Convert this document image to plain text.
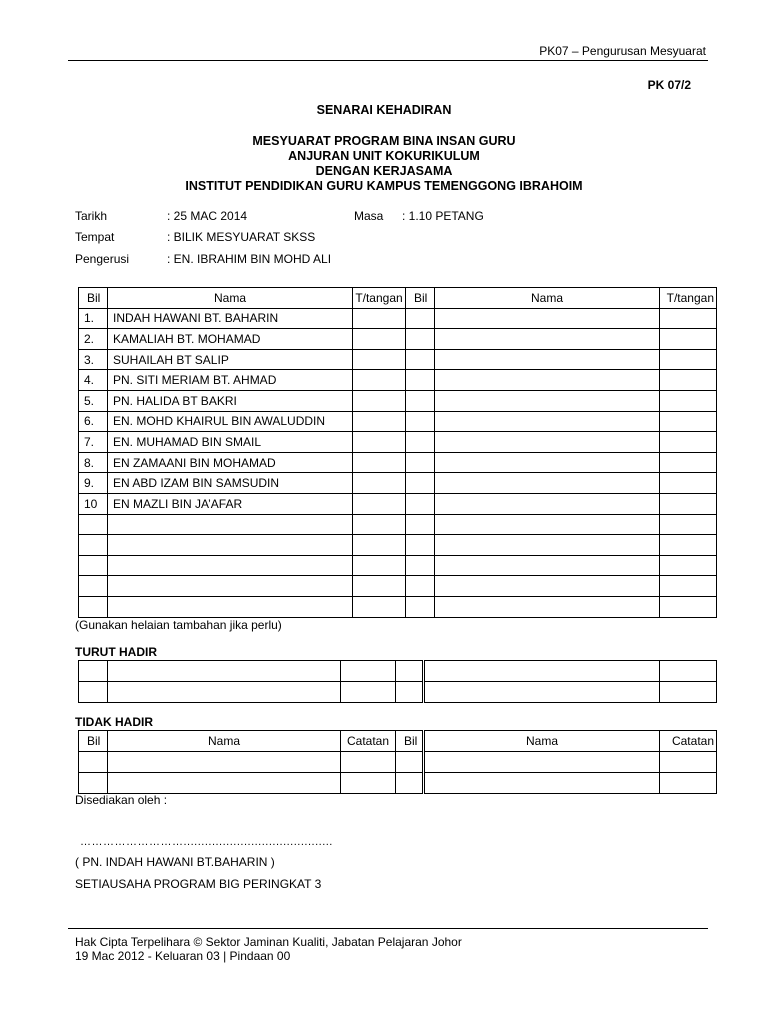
PK07 – Pengurusan Mesyuarat
PK 07/2
SENARAI KEHADIRAN
MESYUARAT PROGRAM BINA INSAN GURU
ANJURAN UNIT KOKURIKULUM
DENGAN KERJASAMA
INSTITUT PENDIDIKAN GURU KAMPUS TEMENGGONG IBRAHOIM
Tarikh	: 25 MAC 2014	Masa : 1.10 PETANG
Tempat	: BILIK MESYUARAT SKSS
Pengerusi	: EN. IBRAHIM BIN MOHD ALI
Bil	Nama	T/tangan	Bil	Nama	T/tangan
1.	INDAH HAWANI BT. BAHARIN				
2.	KAMALIAH BT. MOHAMAD				
3.	SUHAILAH BT SALIP				
4.	PN. SITI MERIAM BT. AHMAD				
5.	PN. HALIDA BT BAKRI				
6.	EN. MOHD KHAIRUL BIN AWALUDDIN				
7.	EN. MUHAMAD BIN SMAIL				
8.	EN ZAMAANI BIN MOHAMAD				
9.	EN ABD IZAM BIN SAMSUDIN				
10	EN MAZLI BIN JA’AFAR				

(Gunakan helaian tambahan jika perlu)
TURUT HADIR

TIDAK HADIR
Bil	Nama	Catatan	Bil	Nama	Catatan

Disediakan oleh :
………………………..........................................
( PN. INDAH HAWANI BT.BAHARIN )
SETIAUSAHA PROGRAM BIG PERINGKAT 3
Hak Cipta Terpelihara © Sektor Jaminan Kualiti, Jabatan Pelajaran Johor
19 Mac 2012 - Keluaran 03 | Pindaan 00
